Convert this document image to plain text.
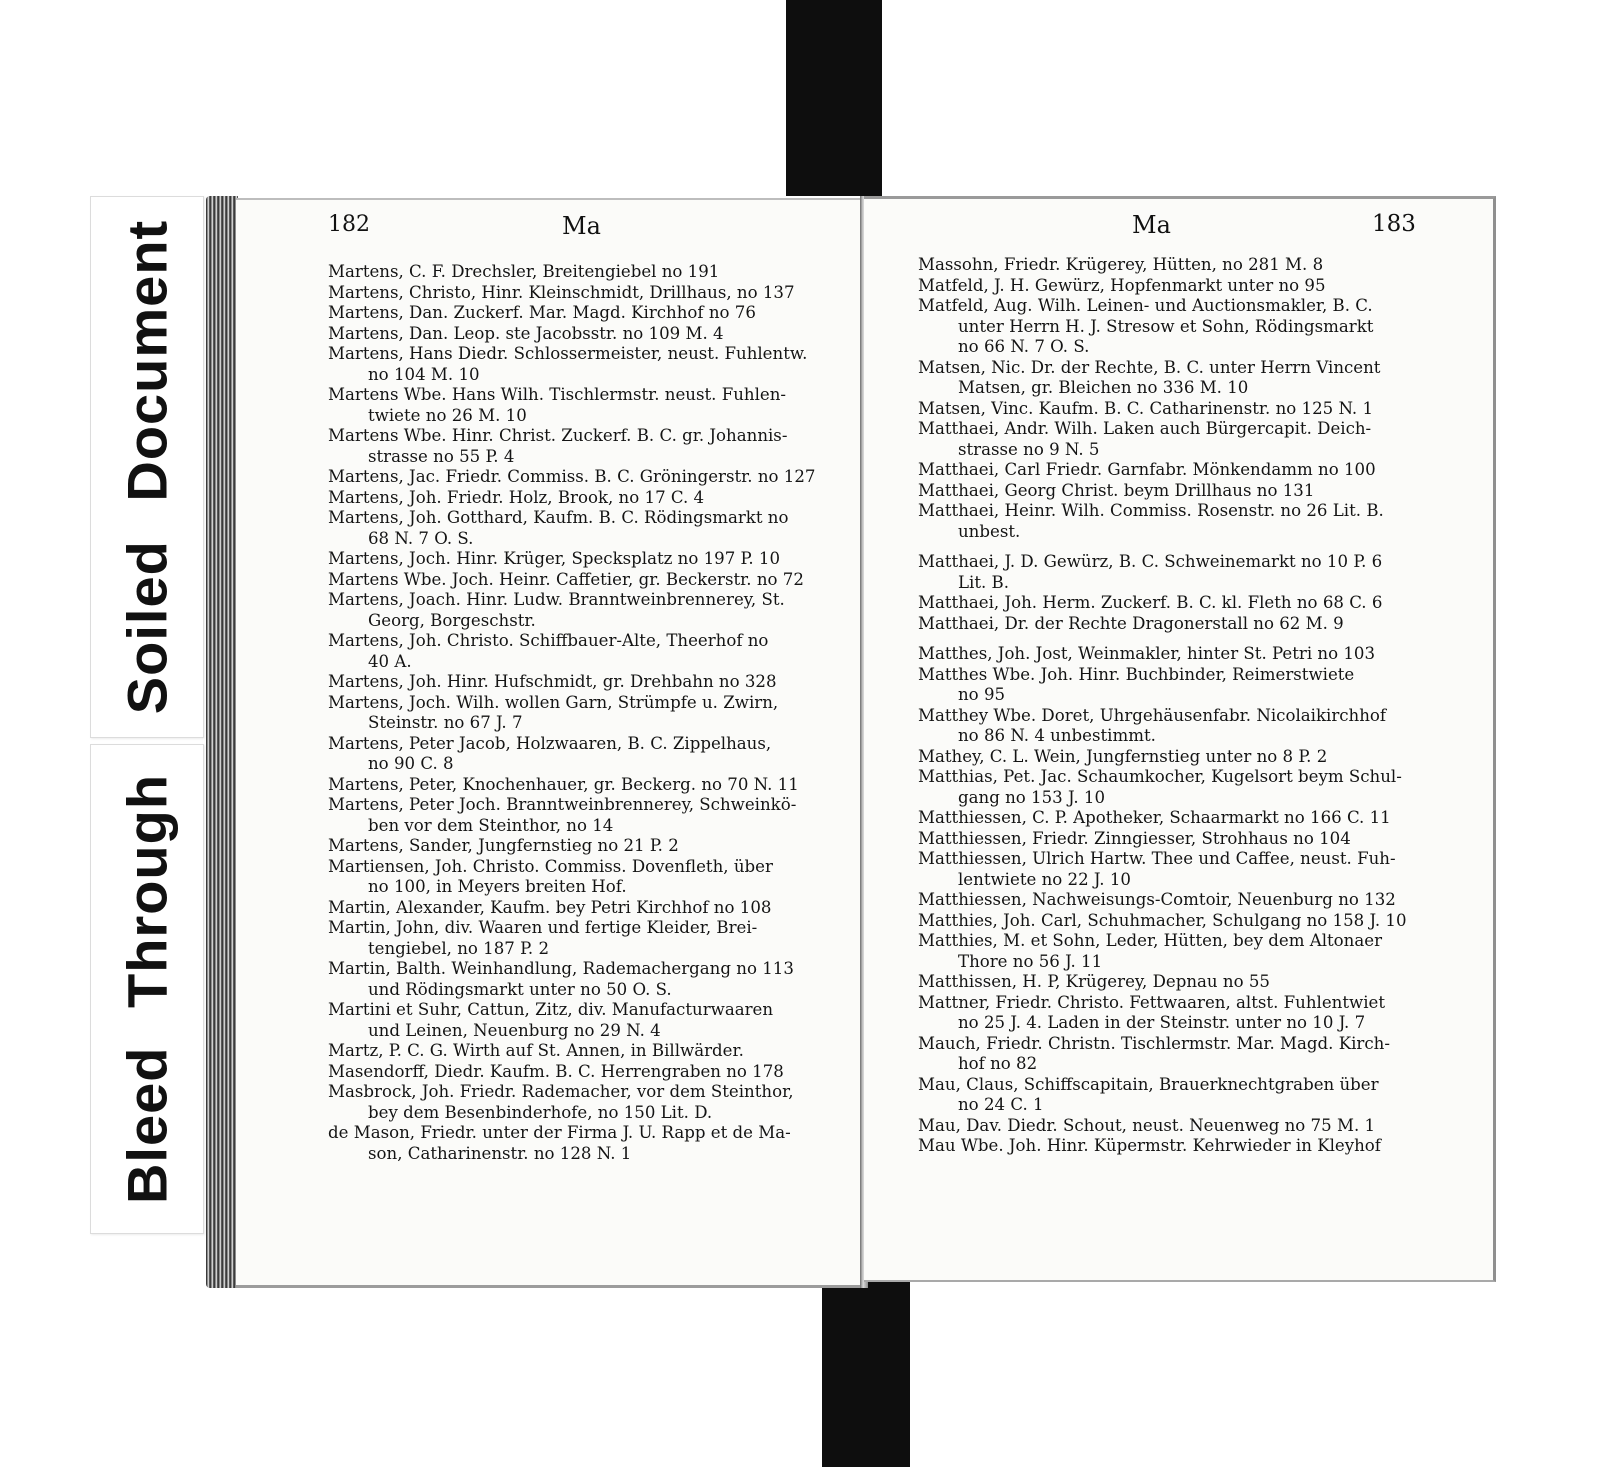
Soiled Document
Bleed Through
182	Ma
Martens, C. F. Drechsler, Breitengiebel no 191
Martens, Christo, Hinr. Kleinschmidt, Drillhaus, no 137
Martens, Dan. Zuckerf. Mar. Magd. Kirchhof no 76
Martens, Dan. Leop. ste Jacobsstr. no 109 M. 4
Martens, Hans Diedr. Schlossermeister, neust. Fuhlentw.
no 104 M. 10
Martens Wbe. Hans Wilh. Tischlermstr. neust. Fuhlen-
twiete no 26 M. 10
Martens Wbe. Hinr. Christ. Zuckerf. B. C. gr. Johannis-
strasse no 55 P. 4
Martens, Jac. Friedr. Commiss. B. C. Gröningerstr. no 127
Martens, Joh. Friedr. Holz, Brook, no 17 C. 4
Martens, Joh. Gotthard, Kaufm. B. C. Rödingsmarkt no
68 N. 7 O. S.
Martens, Joch. Hinr. Krüger, Specksplatz no 197 P. 10
Martens Wbe. Joch. Heinr. Caffetier, gr. Beckerstr. no 72
Martens, Joach. Hinr. Ludw. Branntweinbrennerey, St.
Georg, Borgeschstr.
Martens, Joh. Christo. Schiffbauer-Alte, Theerhof no
40 A.
Martens, Joh. Hinr. Hufschmidt, gr. Drehbahn no 328
Martens, Joch. Wilh. wollen Garn, Strümpfe u. Zwirn,
Steinstr. no 67 J. 7
Martens, Peter Jacob, Holzwaaren, B. C. Zippelhaus,
no 90 C. 8
Martens, Peter, Knochenhauer, gr. Beckerg. no 70 N. 11
Martens, Peter Joch. Branntweinbrennerey, Schweinkö-
ben vor dem Steinthor, no 14
Martens, Sander, Jungfernstieg no 21 P. 2
Martiensen, Joh. Christo. Commiss. Dovenfleth, über
no 100, in Meyers breiten Hof.
Martin, Alexander, Kaufm. bey Petri Kirchhof no 108
Martin, John, div. Waaren und fertige Kleider, Brei-
tengiebel, no 187 P. 2
Martin, Balth. Weinhandlung, Rademachergang no 113
und Rödingsmarkt unter no 50 O. S.
Martini et Suhr, Cattun, Zitz, div. Manufacturwaaren
und Leinen, Neuenburg no 29 N. 4
Martz, P. C. G. Wirth auf St. Annen, in Billwärder.
Masendorff, Diedr. Kaufm. B. C. Herrengraben no 178
Masbrock, Joh. Friedr. Rademacher, vor dem Steinthor,
bey dem Besenbinderhofe, no 150 Lit. D.
de Mason, Friedr. unter der Firma J. U. Rapp et de Ma-
son, Catharinenstr. no 128 N. 1
Ma	183
Massohn, Friedr. Krügerey, Hütten, no 281 M. 8
Matfeld, J. H. Gewürz, Hopfenmarkt unter no 95
Matfeld, Aug. Wilh. Leinen- und Auctionsmakler, B. C.
unter Herrn H. J. Stresow et Sohn, Rödingsmarkt
no 66 N. 7 O. S.
Matsen, Nic. Dr. der Rechte, B. C. unter Herrn Vincent
Matsen, gr. Bleichen no 336 M. 10
Matsen, Vinc. Kaufm. B. C. Catharinenstr. no 125 N. 1
Matthaei, Andr. Wilh. Laken auch Bürgercapit. Deich-
strasse no 9 N. 5
Matthaei, Carl Friedr. Garnfabr. Mönkendamm no 100
Matthaei, Georg Christ. beym Drillhaus no 131
Matthaei, Heinr. Wilh. Commiss. Rosenstr. no 26 Lit. B.
unbest.
Matthaei, J. D. Gewürz, B. C. Schweinemarkt no 10 P. 6
Lit. B.
Matthaei, Joh. Herm. Zuckerf. B. C. kl. Fleth no 68 C. 6
Matthaei, Dr. der Rechte Dragonerstall no 62 M. 9
Matthes, Joh. Jost, Weinmakler, hinter St. Petri no 103
Matthes Wbe. Joh. Hinr. Buchbinder, Reimerstwiete
no 95
Matthey Wbe. Doret, Uhrgehäusenfabr. Nicolaikirchhof
no 86 N. 4 unbestimmt.
Mathey, C. L. Wein, Jungfernstieg unter no 8 P. 2
Matthias, Pet. Jac. Schaumkocher, Kugelsort beym Schul-
gang no 153 J. 10
Matthiessen, C. P. Apotheker, Schaarmarkt no 166 C. 11
Matthiessen, Friedr. Zinngiesser, Strohhaus no 104
Matthiessen, Ulrich Hartw. Thee und Caffee, neust. Fuh-
lentwiete no 22 J. 10
Matthiessen, Nachweisungs-Comtoir, Neuenburg no 132
Matthies, Joh. Carl, Schuhmacher, Schulgang no 158 J. 10
Matthies, M. et Sohn, Leder, Hütten, bey dem Altonaer
Thore no 56 J. 11
Matthissen, H. P, Krügerey, Depnau no 55
Mattner, Friedr. Christo. Fettwaaren, altst. Fuhlentwiet
no 25 J. 4. Laden in der Steinstr. unter no 10 J. 7
Mauch, Friedr. Christn. Tischlermstr. Mar. Magd. Kirch-
hof no 82
Mau, Claus, Schiffscapitain, Brauerknechtgraben über
no 24 C. 1
Mau, Dav. Diedr. Schout, neust. Neuenweg no 75 M. 1
Mau Wbe. Joh. Hinr. Küpermstr. Kehrwieder in Kleyhof
